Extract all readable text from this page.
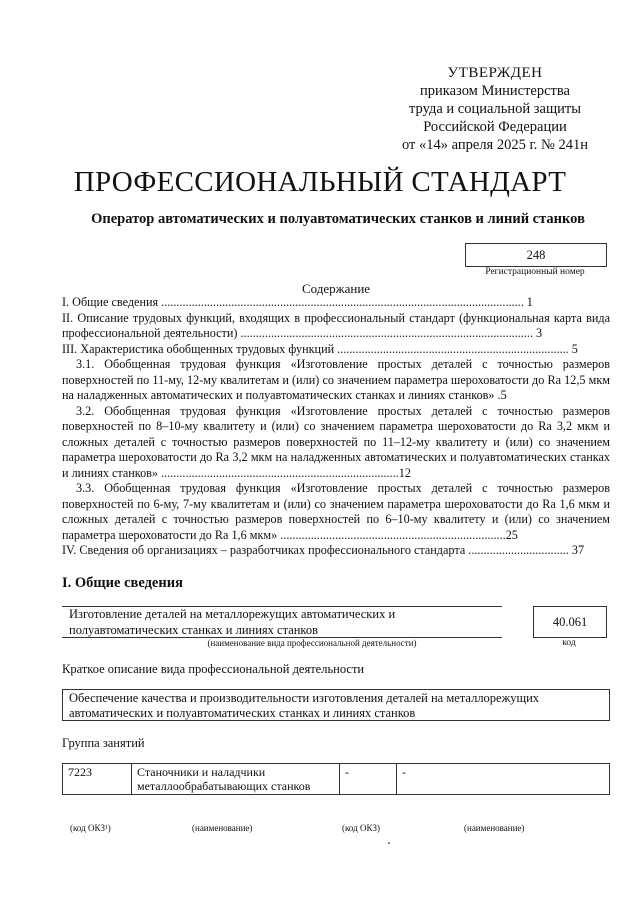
УТВЕРЖДЕН
приказом Министерства
труда и социальной защиты
Российской Федерации
от «14» апреля 2025 г. № 241н
ПРОФЕССИОНАЛЬНЫЙ СТАНДАРТ
Оператор автоматических и полуавтоматических станков и линий станков
248
Регистрационный номер
Содержание
I. Общие сведения ....................................................................................................................... 1
II. Описание трудовых функций, входящих в профессиональный стандарт (функциональная карта вида профессиональной деятельности) ................................................................................................ 3
III. Характеристика обобщенных трудовых функций ............................................................................ 5
3.1. Обобщенная трудовая функция «Изготовление простых деталей с точностью размеров поверхностей по 11-му, 12-му квалитетам и (или) со значением параметра шероховатости до Ra 12,5 мкм на наладженных автоматических и полуавтоматических станках и линиях станков» .5
3.2. Обобщенная трудовая функция «Изготовление простых деталей с точностью размеров поверхностей по 8–10-му квалитету и (или) со значением параметра шероховатости до Ra 3,2 мкм и сложных деталей с точностью размеров поверхностей по 11–12-му квалитету и (или) со значением параметра шероховатости до Ra 3,2 мкм на наладженных автоматических и полуавтоматических станках и линиях станков» ..............................................................................12
3.3. Обобщенная трудовая функция «Изготовление простых деталей с точностью размеров поверхностей по 6-му, 7-му квалитетам и (или) со значением параметра шероховатости до Ra 1,6 мкм и сложных деталей с точностью размеров поверхностей по 6–10-му квалитету и (или) со значением параметра шероховатости до Ra 1,6 мкм» ..........................................................................25
IV. Сведения об организациях – разработчиках профессионального стандарта ................................. 37
I. Общие сведения
Изготовление деталей на металлорежущих автоматических и
полуавтоматических станках и линиях станков
(наименование вида профессиональной деятельности)
40.061
код
Краткое описание вида профессиональной деятельности
Обеспечение качества и производительности изготовления деталей на металлорежущих
автоматических и полуавтоматических станках и линиях станков
Группа занятий
7223	Станочники и наладчики металлообрабатывающих станков	-	-
(код ОКЗ¹)	(наименование)	(код ОКЗ)	(наименование)
